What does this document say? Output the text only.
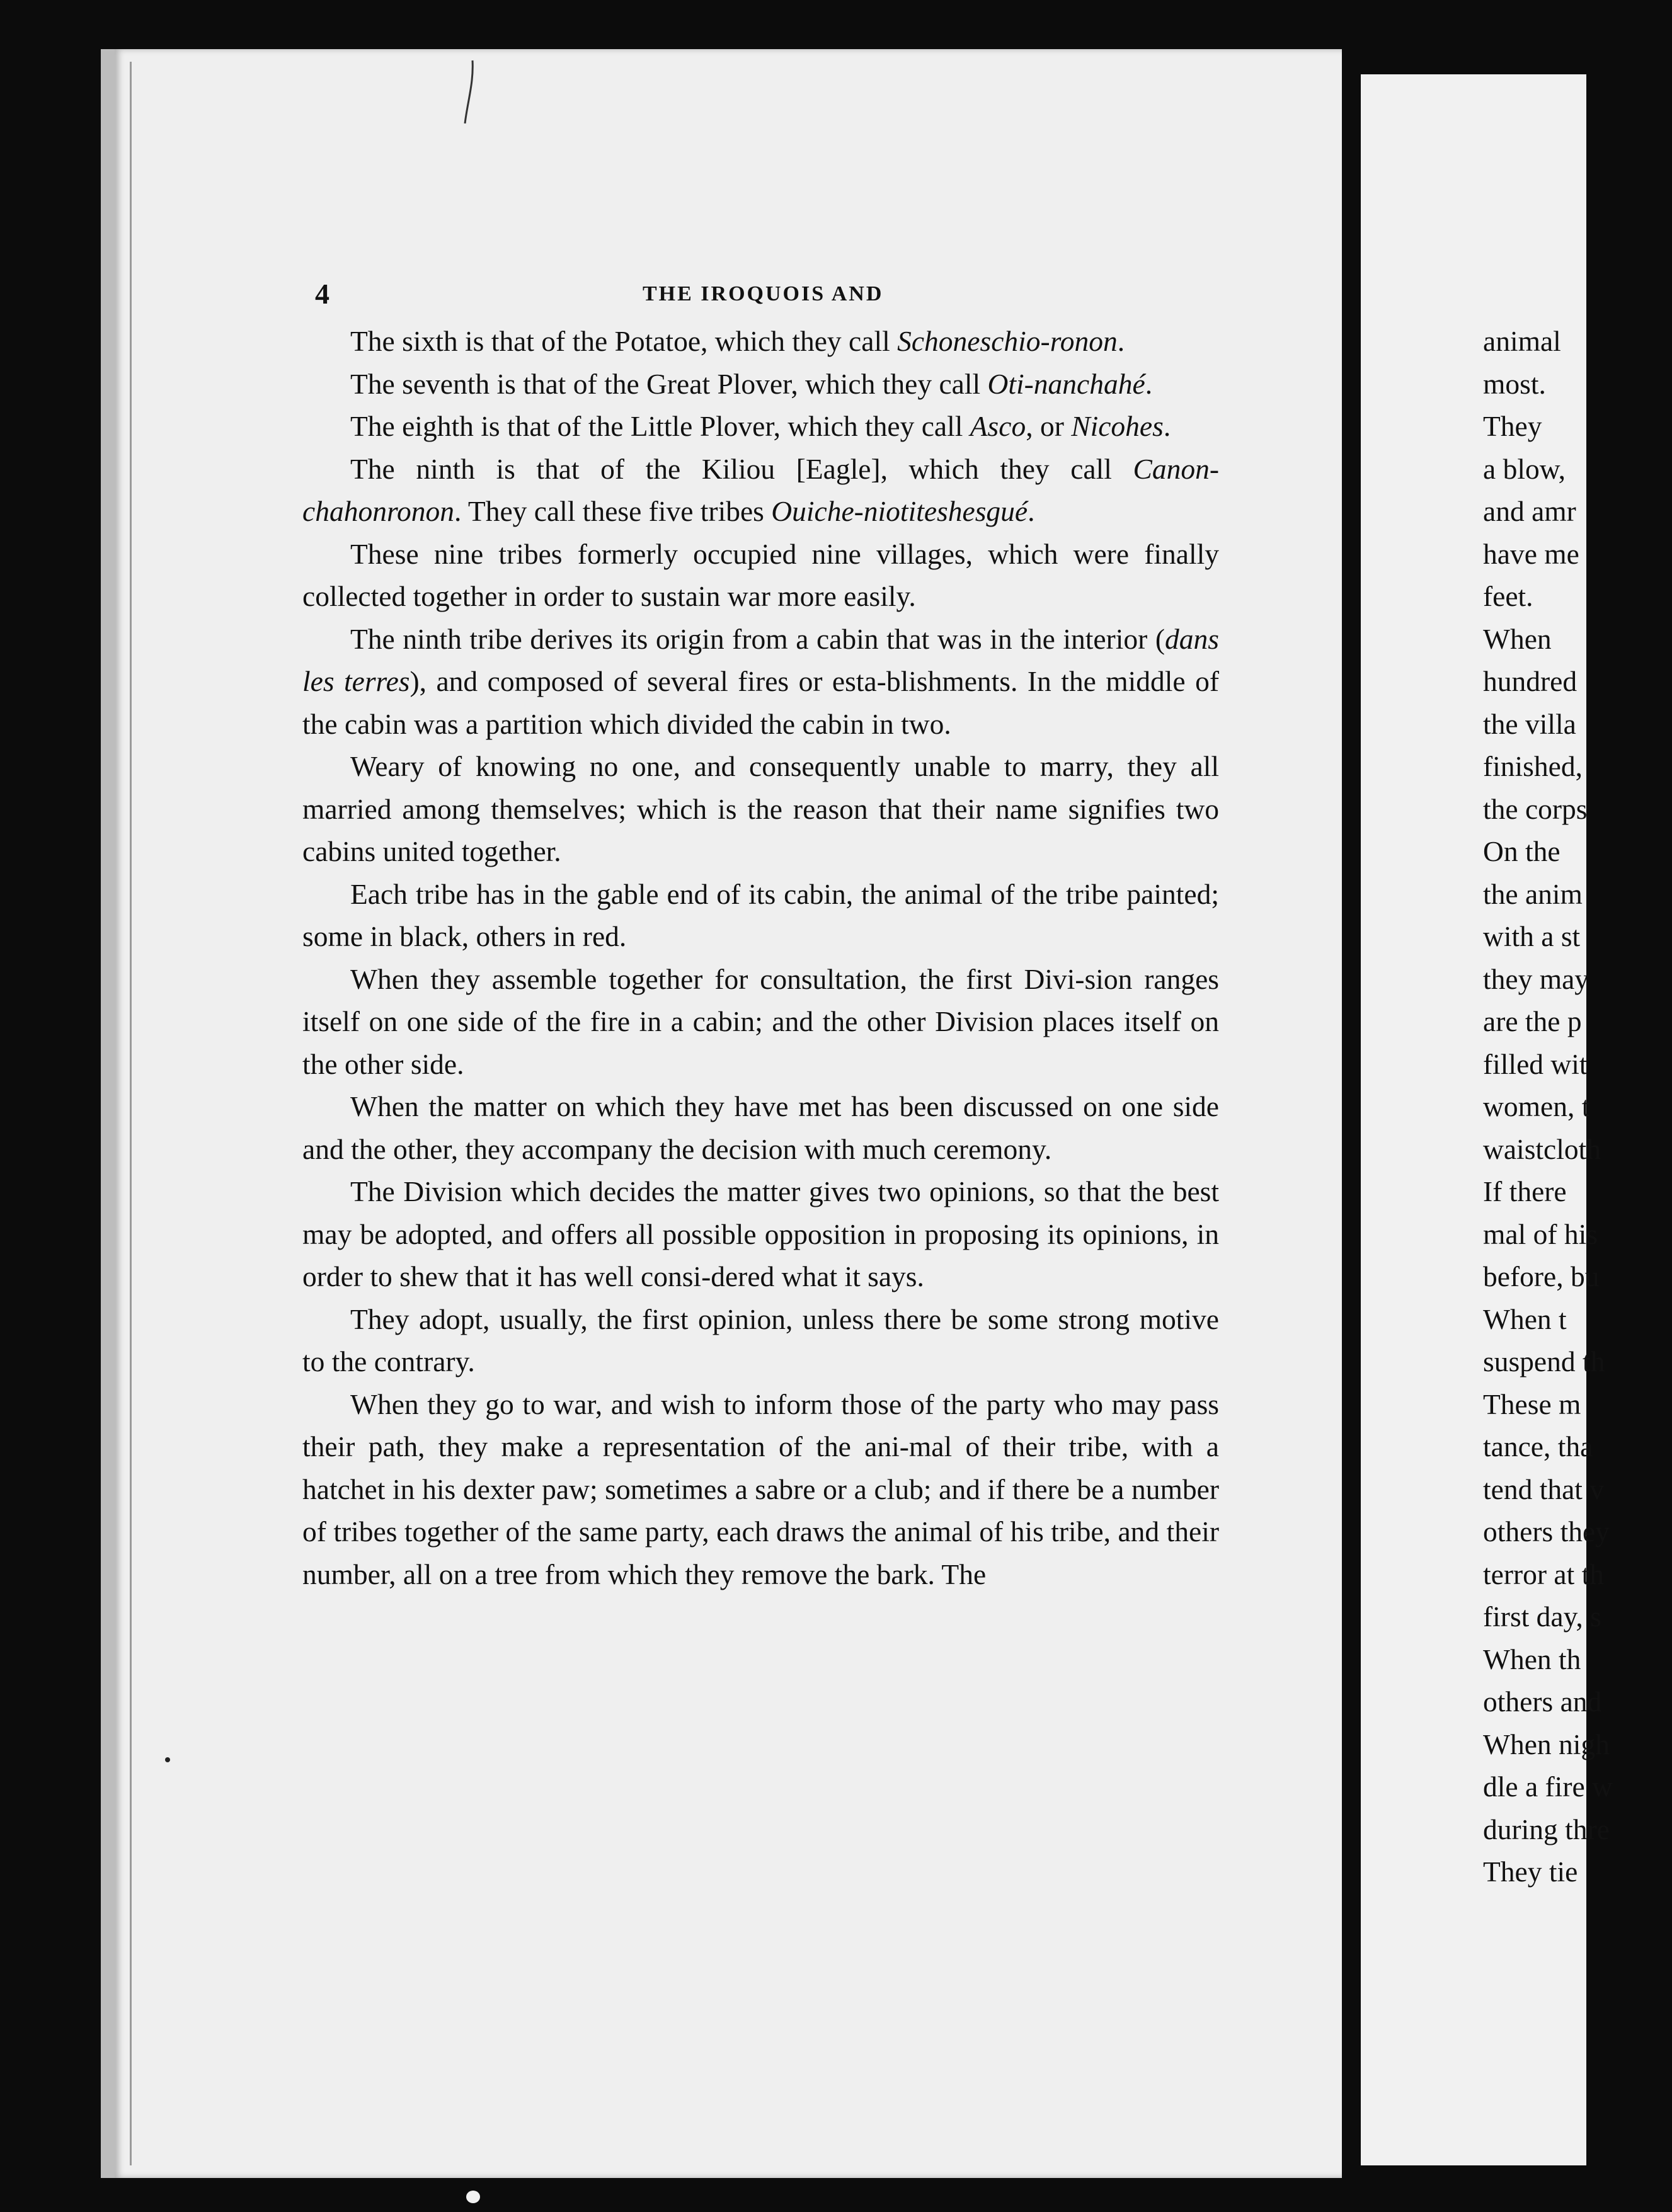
4	THE IROQUOIS AND

The sixth is that of the Potatoe, which they call Schoneschio-ronon.

The seventh is that of the Great Plover, which they call Oti-nanchahé.

The eighth is that of the Little Plover, which they call Asco, or Nicohes.

The ninth is that of the Kiliou [Eagle], which they call Canon-chahonronon. They call these five tribes Ouiche-niotiteshesgué.

These nine tribes formerly occupied nine villages, which were finally collected together in order to sustain war more easily.

The ninth tribe derives its origin from a cabin that was in the interior (dans les terres), and composed of several fires or esta-blishments. In the middle of the cabin was a partition which divided the cabin in two.

Weary of knowing no one, and consequently unable to marry, they all married among themselves; which is the reason that their name signifies two cabins united together.

Each tribe has in the gable end of its cabin, the animal of the tribe painted; some in black, others in red.

When they assemble together for consultation, the first Divi-sion ranges itself on one side of the fire in a cabin; and the other Division places itself on the other side.

When the matter on which they have met has been discussed on one side and the other, they accompany the decision with much ceremony.

The Division which decides the matter gives two opinions, so that the best may be adopted, and offers all possible opposition in proposing its opinions, in order to shew that it has well consi-dered what it says.

They adopt, usually, the first opinion, unless there be some strong motive to the contrary.

When they go to war, and wish to inform those of the party who may pass their path, they make a representation of the ani-mal of their tribe, with a hatchet in his dexter paw; sometimes a sabre or a club; and if there be a number of tribes together of the same party, each draws the animal of his tribe, and their number, all on a tree from which they remove the bark. The

animal
most.
They
a blow,
and amr
have me
feet.
When
hundred
the villa
finished,
the corps
On the
the anim
with a st
they may
are the p
filled wit
women, t
waistcloth
If there
mal of his
before, bu
When t
suspend th
These m
tance, tha
tend that v
others they
terror at th
first day, s
When th
others and
When nigh
dle a fire w
during thre
They tie
